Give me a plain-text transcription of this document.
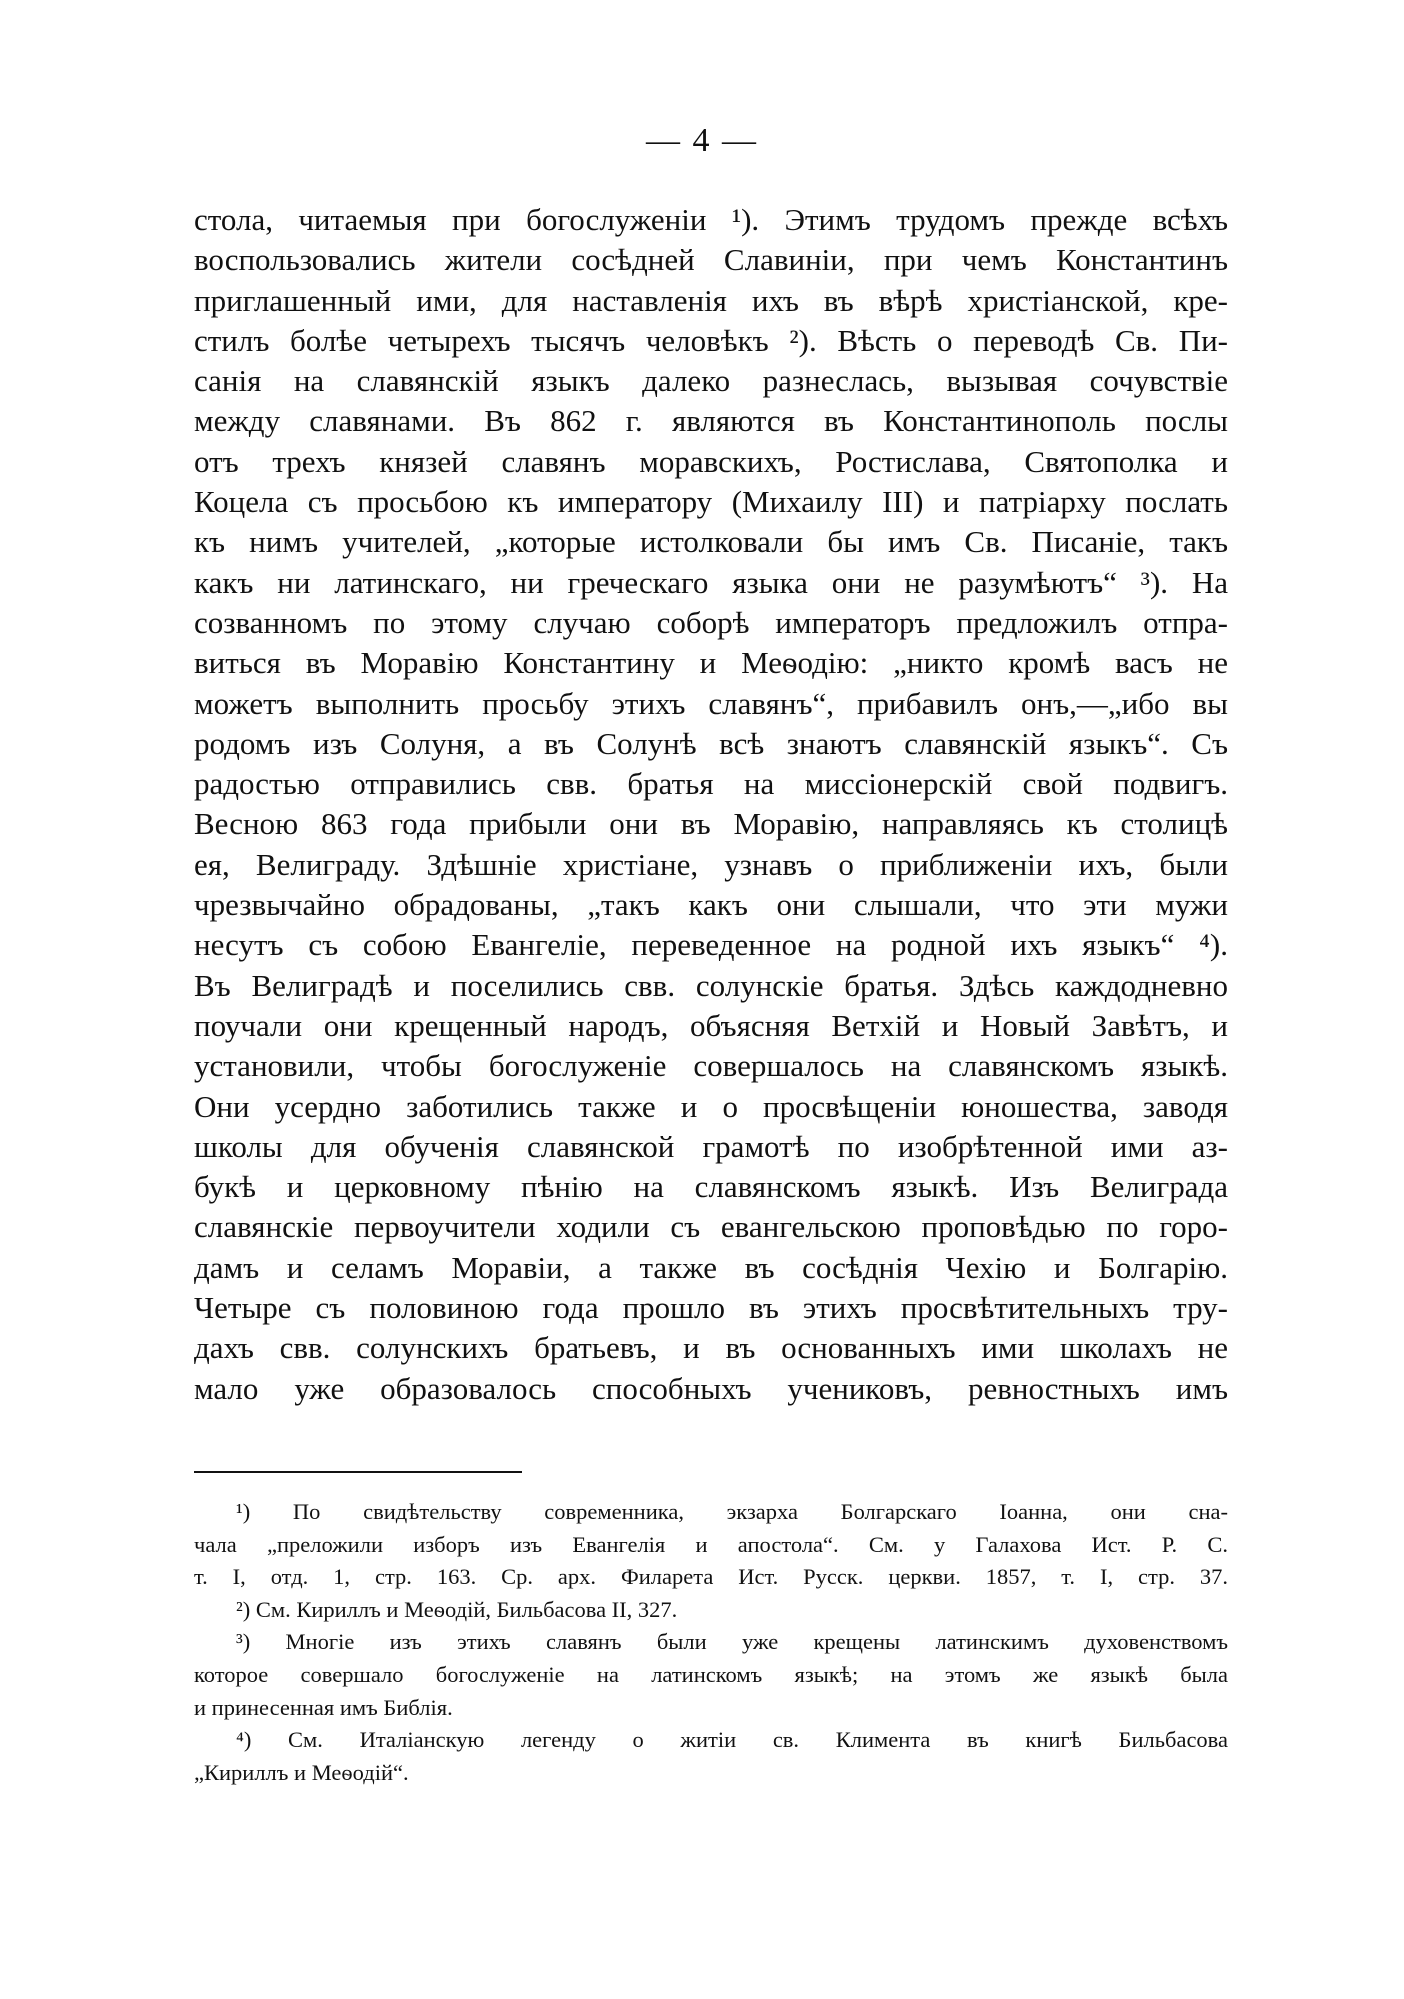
— 4 —

стола, читаемыя при богослуженіи ¹). Этимъ трудомъ прежде всѣхъ
воспользовались жители сосѣдней Славиніи, при чемъ Константинъ
приглашенный ими, для наставленія ихъ въ вѣрѣ христіанской, кре-
стилъ болѣе четырехъ тысячъ человѣкъ ²). Вѣсть о переводѣ Св. Пи-
санія на славянскій языкъ далеко разнеслась, вызывая сочувствіе
между славянами. Въ 862 г. являются въ Константинополь послы
отъ трехъ князей славянъ моравскихъ, Ростислава, Святополка и
Коцела съ просьбою къ императору (Михаилу III) и патріарху послать
къ нимъ учителей, „которые истолковали бы имъ Св. Писаніе, такъ
какъ ни латинскаго, ни греческаго языка они не разумѣютъ“ ³). На
созванномъ по этому случаю соборѣ императоръ предложилъ отпра-
виться въ Моравію Константину и Меѳодію: „никто кромѣ васъ не
можетъ выполнить просьбу этихъ славянъ“, прибавилъ онъ,—„ибо вы
родомъ изъ Солуня, а въ Солунѣ всѣ знаютъ славянскій языкъ“. Съ
радостью отправились свв. братья на миссіонерскій свой подвигъ.
Весною 863 года прибыли они въ Моравію, направляясь къ столицѣ
ея, Велиграду. Здѣшніе христіане, узнавъ о приближеніи ихъ, были
чрезвычайно обрадованы, „такъ какъ они слышали, что эти мужи
несутъ съ собою Евангеліе, переведенное на родной ихъ языкъ“ ⁴).
Въ Велиградѣ и поселились свв. солунскіе братья. Здѣсь каждодневно
поучали они крещенный народъ, объясняя Ветхій и Новый Завѣтъ, и
установили, чтобы богослуженіе совершалось на славянскомъ языкѣ.
Они усердно заботились также и о просвѣщеніи юношества, заводя
школы для обученія славянской грамотѣ по изобрѣтенной ими аз-
букѣ и церковному пѣнію на славянскомъ языкѣ. Изъ Велиграда
славянскіе первоучители ходили съ евангельскою проповѣдью по горо-
дамъ и селамъ Моравіи, а также въ сосѣднія Чехію и Болгарію.
Четыре съ половиною года прошло въ этихъ просвѣтительныхъ тру-
дахъ свв. солунскихъ братьевъ, и въ основанныхъ ими школахъ не
мало уже образовалось способныхъ учениковъ, ревностныхъ имъ
¹) По свидѣтельству современника, экзарха Болгарскаго Іоанна, они сна-
чала „преложили изборъ изъ Евангелія и апостола“. См. у Галахова Ист. Р. С.
т. I, отд. 1, стр. 163. Ср. арх. Филарета Ист. Русск. церкви. 1857, т. I, стр. 37.
²) См. Кириллъ и Меѳодій, Бильбасова II, 327.
³) Многіе изъ этихъ славянъ были уже крещены латинскимъ духовенствомъ
которое совершало богослуженіе на латинскомъ языкѣ; на этомъ же языкѣ была
и принесенная имъ Библія.
⁴) См. Италіанскую легенду о житіи св. Климента въ книгѣ Бильбасова
„Кириллъ и Меѳодій“.
